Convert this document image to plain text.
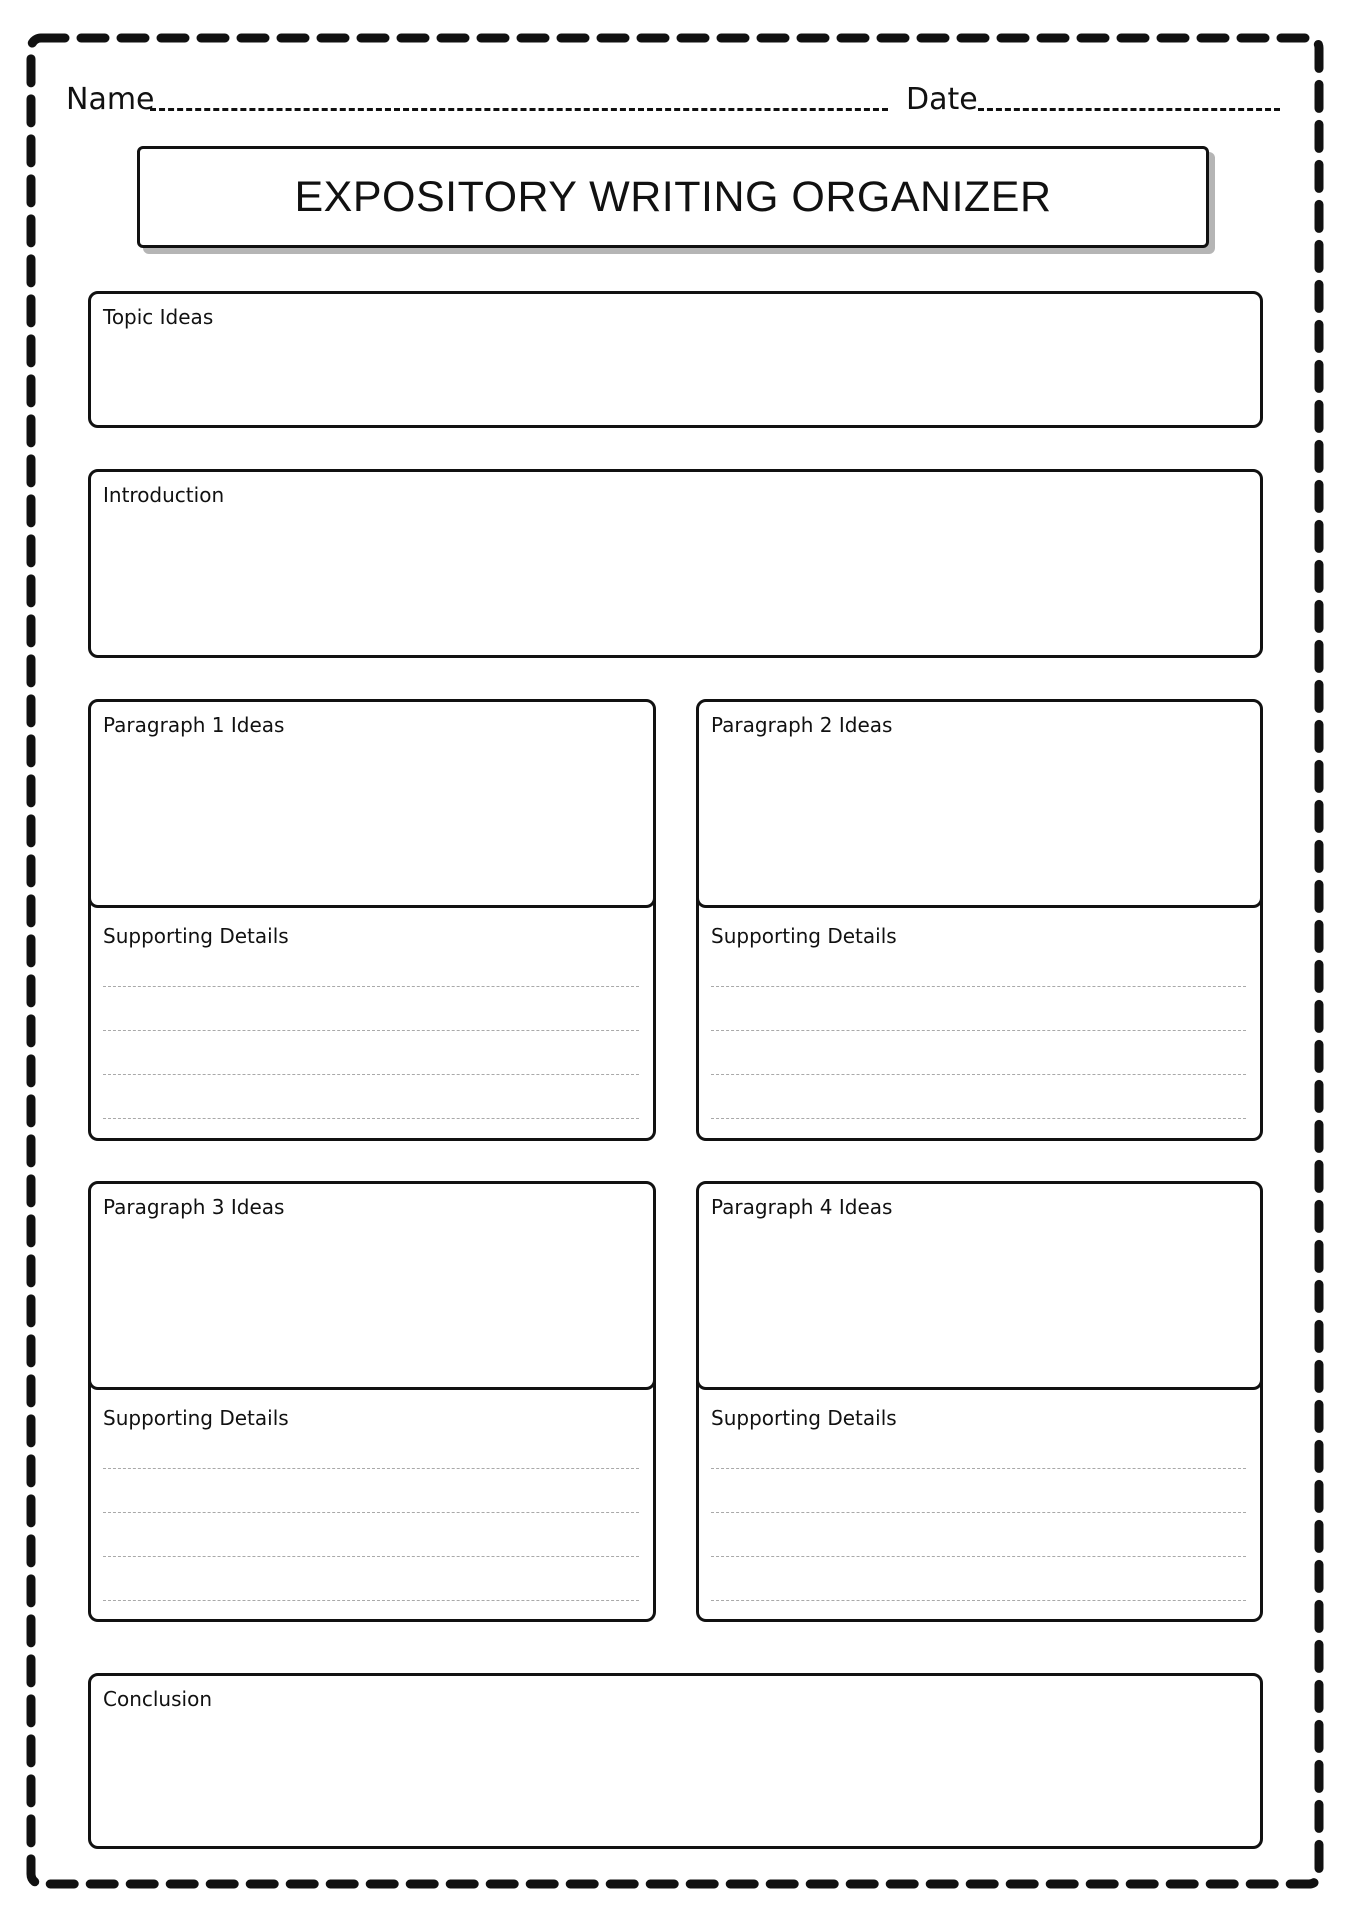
Name	Date
EXPOSITORY WRITING ORGANIZER
Topic Ideas
Introduction
Supporting Details
Paragraph 1 Ideas
Supporting Details
Paragraph 2 Ideas
Supporting Details
Paragraph 3 Ideas
Supporting Details
Paragraph 4 Ideas
Conclusion
